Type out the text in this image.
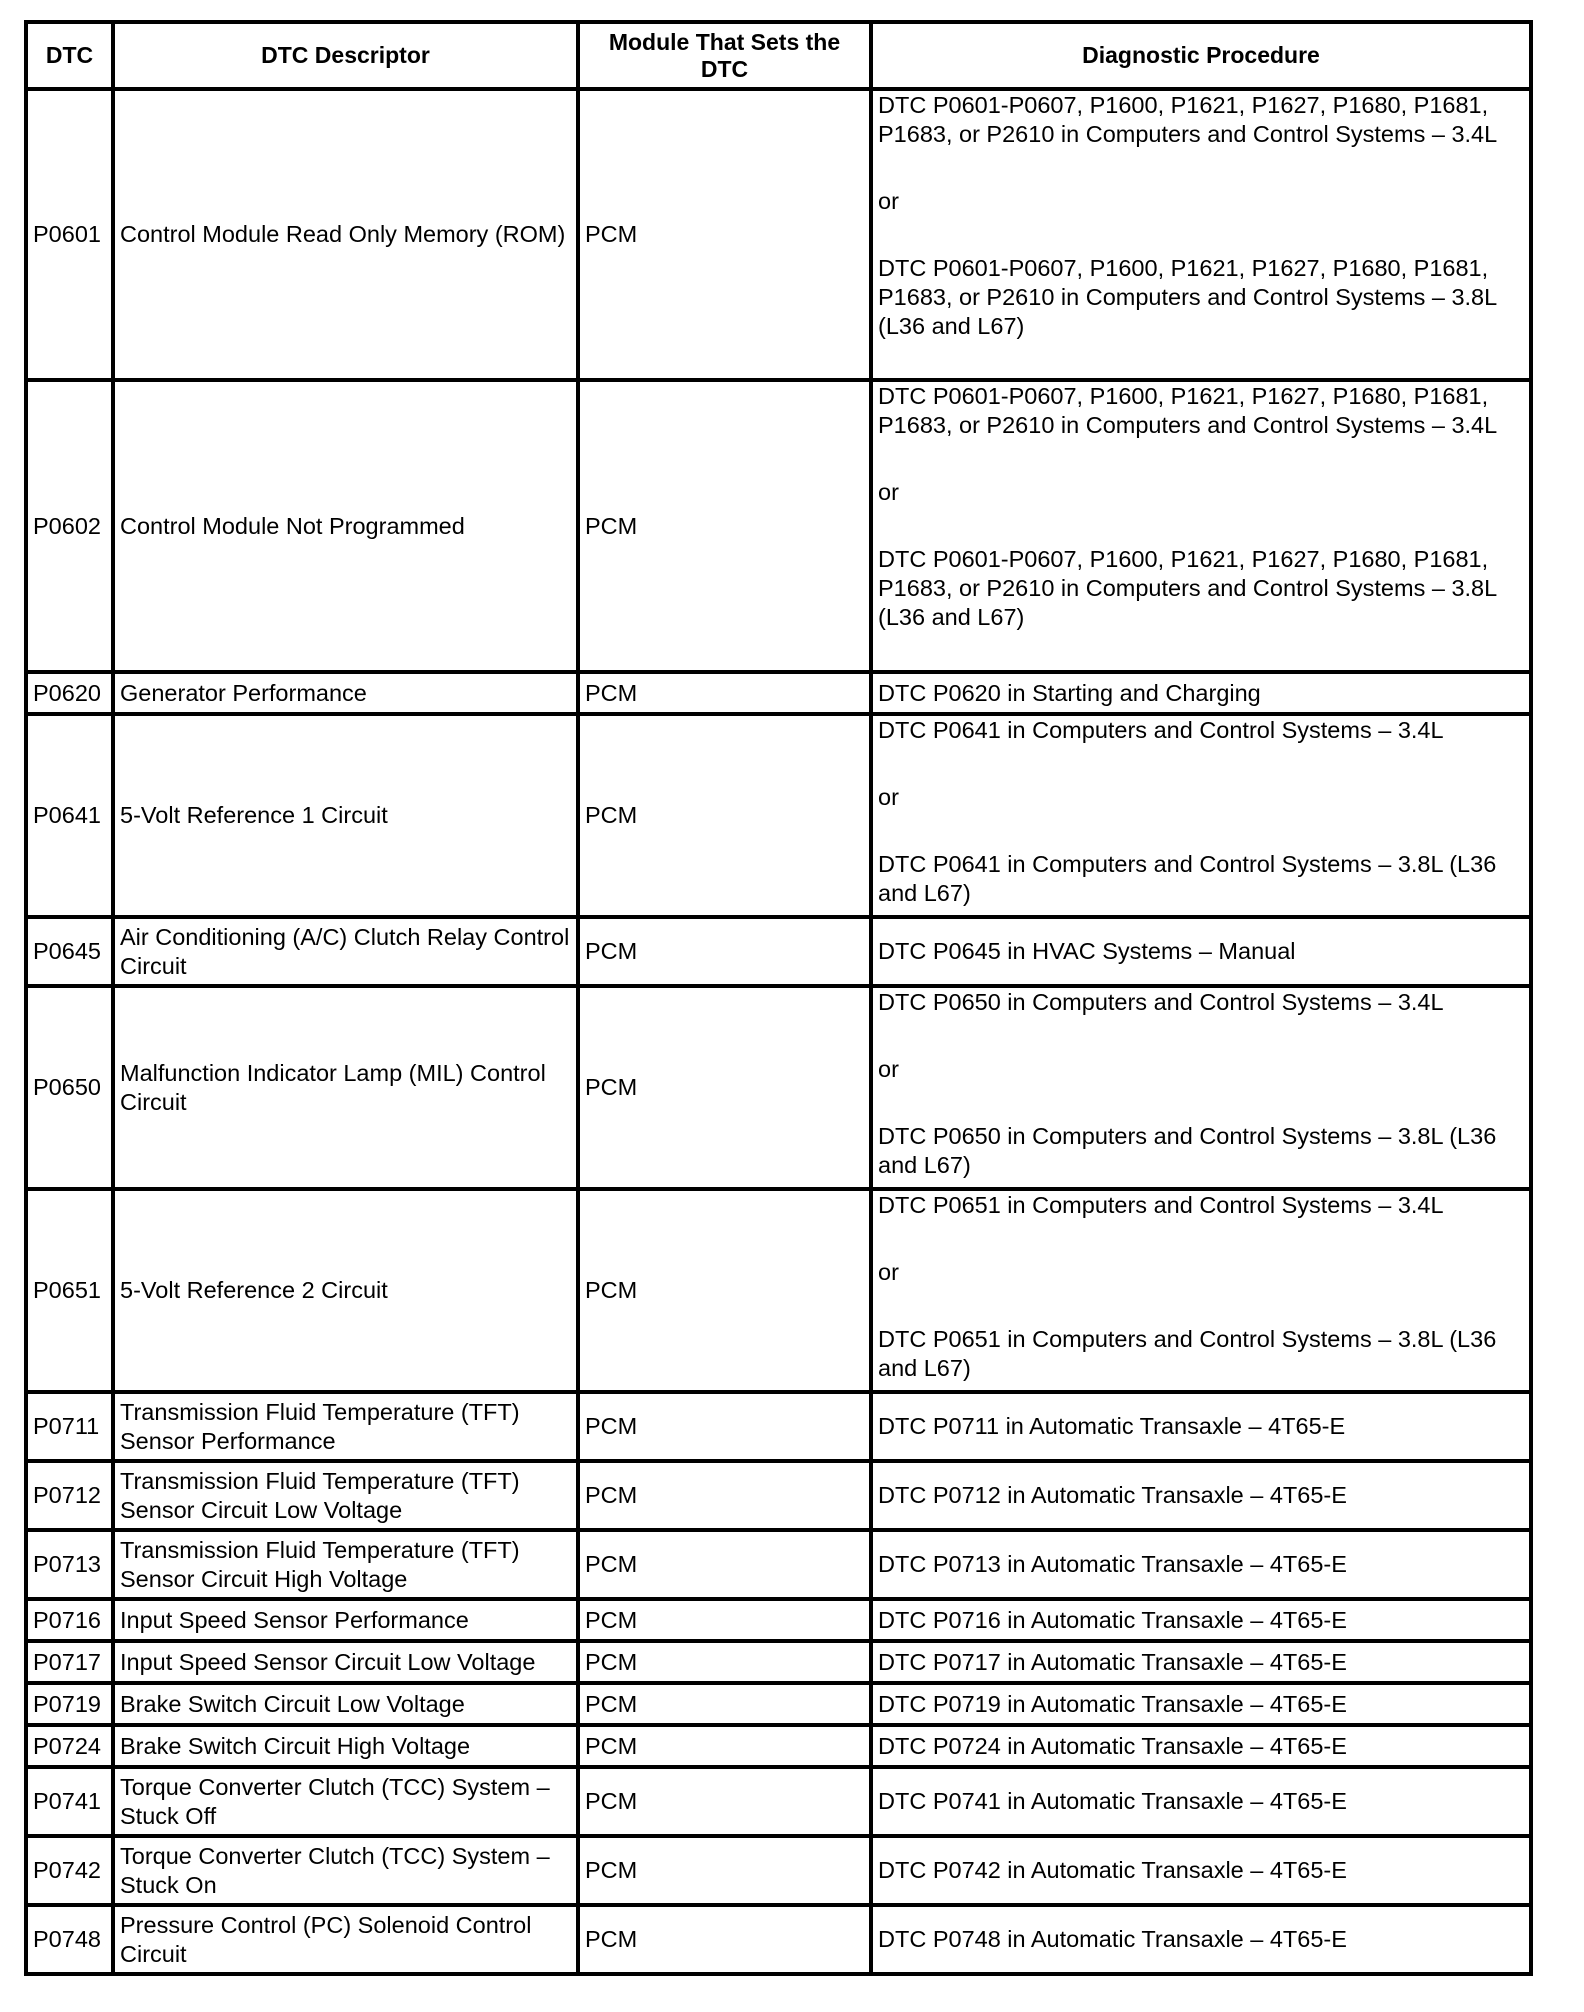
DTC	DTC Descriptor	Module That Sets the DTC	Diagnostic Procedure
P0601	Control Module Read Only Memory (ROM)	PCM	DTC P0601-P0607, P1600, P1621, P1627, P1680, P1681, P1683, or P2610 in Computers and Control Systems – 3.4L
or
DTC P0601-P0607, P1600, P1621, P1627, P1680, P1681, P1683, or P2610 in Computers and Control Systems – 3.8L (L36 and L67)

P0602	Control Module Not Programmed	PCM	DTC P0601-P0607, P1600, P1621, P1627, P1680, P1681, P1683, or P2610 in Computers and Control Systems – 3.4L
or
DTC P0601-P0607, P1600, P1621, P1627, P1680, P1681, P1683, or P2610 in Computers and Control Systems – 3.8L (L36 and L67)

P0620	Generator Performance	PCM	DTC P0620 in Starting and Charging

P0641	5-Volt Reference 1 Circuit	PCM	DTC P0641 in Computers and Control Systems – 3.4L
or
DTC P0641 in Computers and Control Systems – 3.8L (L36 and L67)

P0645	Air Conditioning (A/C) Clutch Relay Control Circuit	PCM	DTC P0645 in HVAC Systems – Manual

P0650	Malfunction Indicator Lamp (MIL) Control Circuit	PCM	DTC P0650 in Computers and Control Systems – 3.4L
or
DTC P0650 in Computers and Control Systems – 3.8L (L36 and L67)

P0651	5-Volt Reference 2 Circuit	PCM	DTC P0651 in Computers and Control Systems – 3.4L
or
DTC P0651 in Computers and Control Systems – 3.8L (L36 and L67)

P0711	Transmission Fluid Temperature (TFT) Sensor Performance	PCM	DTC P0711 in Automatic Transaxle – 4T65-E

P0712	Transmission Fluid Temperature (TFT) Sensor Circuit Low Voltage	PCM	DTC P0712 in Automatic Transaxle – 4T65-E

P0713	Transmission Fluid Temperature (TFT) Sensor Circuit High Voltage	PCM	DTC P0713 in Automatic Transaxle – 4T65-E

P0716	Input Speed Sensor Performance	PCM	DTC P0716 in Automatic Transaxle – 4T65-E

P0717	Input Speed Sensor Circuit Low Voltage	PCM	DTC P0717 in Automatic Transaxle – 4T65-E

P0719	Brake Switch Circuit Low Voltage	PCM	DTC P0719 in Automatic Transaxle – 4T65-E

P0724	Brake Switch Circuit High Voltage	PCM	DTC P0724 in Automatic Transaxle – 4T65-E

P0741	Torque Converter Clutch (TCC) System – Stuck Off	PCM	DTC P0741 in Automatic Transaxle – 4T65-E

P0742	Torque Converter Clutch (TCC) System – Stuck On	PCM	DTC P0742 in Automatic Transaxle – 4T65-E

P0748	Pressure Control (PC) Solenoid Control Circuit	PCM	DTC P0748 in Automatic Transaxle – 4T65-E
